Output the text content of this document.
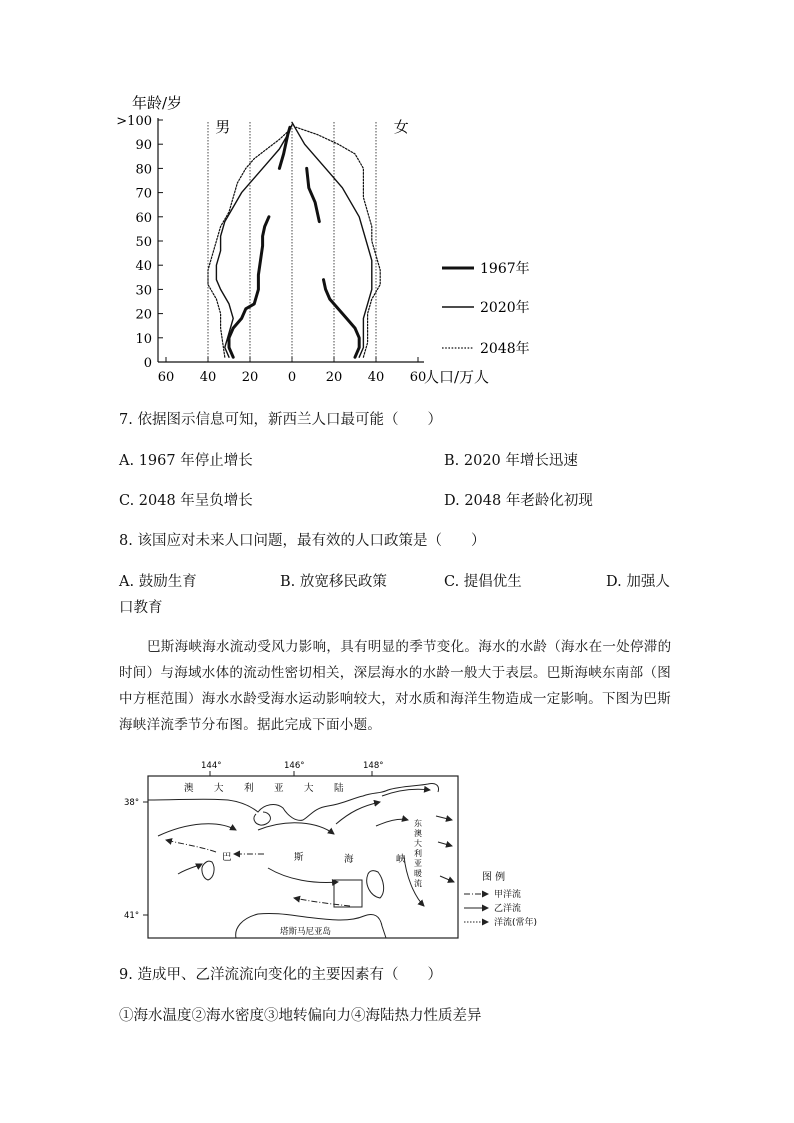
>100
90
80
70
60
50
40
30
20
10
0
60 40 20 0 20 40 60
年龄/岁
人口/万人
男	女
1967年
2020年
2048年
7. 依据图示信息可知，新西兰人口最可能（　　）
A. 1967 年停止增长	B. 2020 年增长迅速
C. 2048 年呈负增长	D. 2048 年老龄化初现
8. 该国应对未来人口问题，最有效的人口政策是（　　）
A. 鼓励生育	B. 放宽移民政策	C. 提倡优生	D. 加强人
口教育
巴斯海峡海水流动受风力影响，具有明显的季节变化。海水的水龄（海水在一处停滞的
时间）与海域水体的流动性密切相关，深层海水的水龄一般大于表层。巴斯海峡东南部（图
中方框范围）海水水龄受海水运动影响较大，对水质和海洋生物造成一定影响。下图为巴斯
海峡洋流季节分布图。据此完成下面小题。
144°	146°	148°
38°
41°
塔斯马尼亚岛
澳 大 利 亚 大 陆
巴	斯	海	峡
东
澳
大
利
亚
暖
流
图 例
甲洋流
乙洋流
洋流(常年)
9. 造成甲、乙洋流流向变化的主要因素有（　　）
①海水温度②海水密度③地转偏向力④海陆热力性质差异
